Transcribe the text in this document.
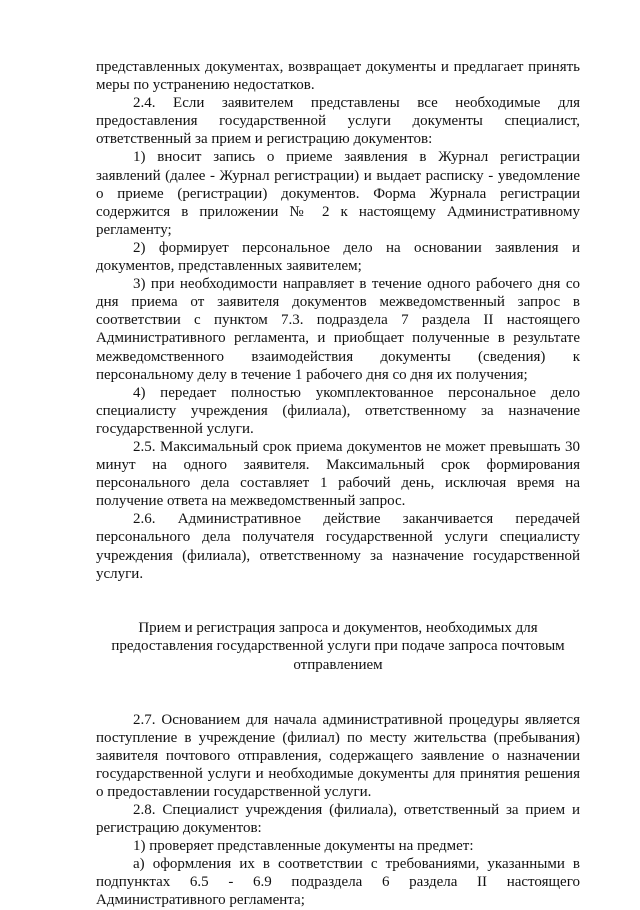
представленных документах, возвращает документы и предлагает принять меры по устранению недостатков.

2.4. Если заявителем представлены все необходимые для предоставления государственной услуги документы специалист, ответственный за прием и регистрацию документов:

1) вносит запись о приеме заявления в Журнал регистрации заявлений (далее - Журнал регистрации) и выдает расписку - уведомление о приеме (регистрации) документов. Форма Журнала регистрации содержится в приложении № 2 к настоящему Административному регламенту;

2) формирует персональное дело на основании заявления и документов, представленных заявителем;

3) при необходимости направляет в течение одного рабочего дня со дня приема от заявителя документов межведомственный запрос в соответствии с пунктом 7.3. подраздела 7 раздела II настоящего Административного регламента, и приобщает полученные в результате межведомственного взаимодействия документы (сведения) к персональному делу в течение 1 рабочего дня со дня их получения;

4) передает полностью укомплектованное персональное дело специалисту учреждения (филиала), ответственному за назначение государственной услуги.

2.5. Максимальный срок приема документов не может превышать 30 минут на одного заявителя. Максимальный срок формирования персонального дела составляет 1 рабочий день, исключая время на получение ответа на межведомственный запрос.

2.6. Административное действие заканчивается передачей персонального дела получателя государственной услуги специалисту учреждения (филиала), ответственному за назначение государственной услуги.

Прием и регистрация запроса и документов, необходимых для предоставления государственной услуги при подаче запроса почтовым отправлением

2.7. Основанием для начала административной процедуры является поступление в учреждение (филиал) по месту жительства (пребывания) заявителя почтового отправления, содержащего заявление о назначении государственной услуги и необходимые документы для принятия решения о предоставлении государственной услуги.

2.8. Специалист учреждения (филиала), ответственный за прием и регистрацию документов:

1) проверяет представленные документы на предмет:

а) оформления их в соответствии с требованиями, указанными в подпунктах 6.5 - 6.9 подраздела 6 раздела II настоящего Административного регламента;
